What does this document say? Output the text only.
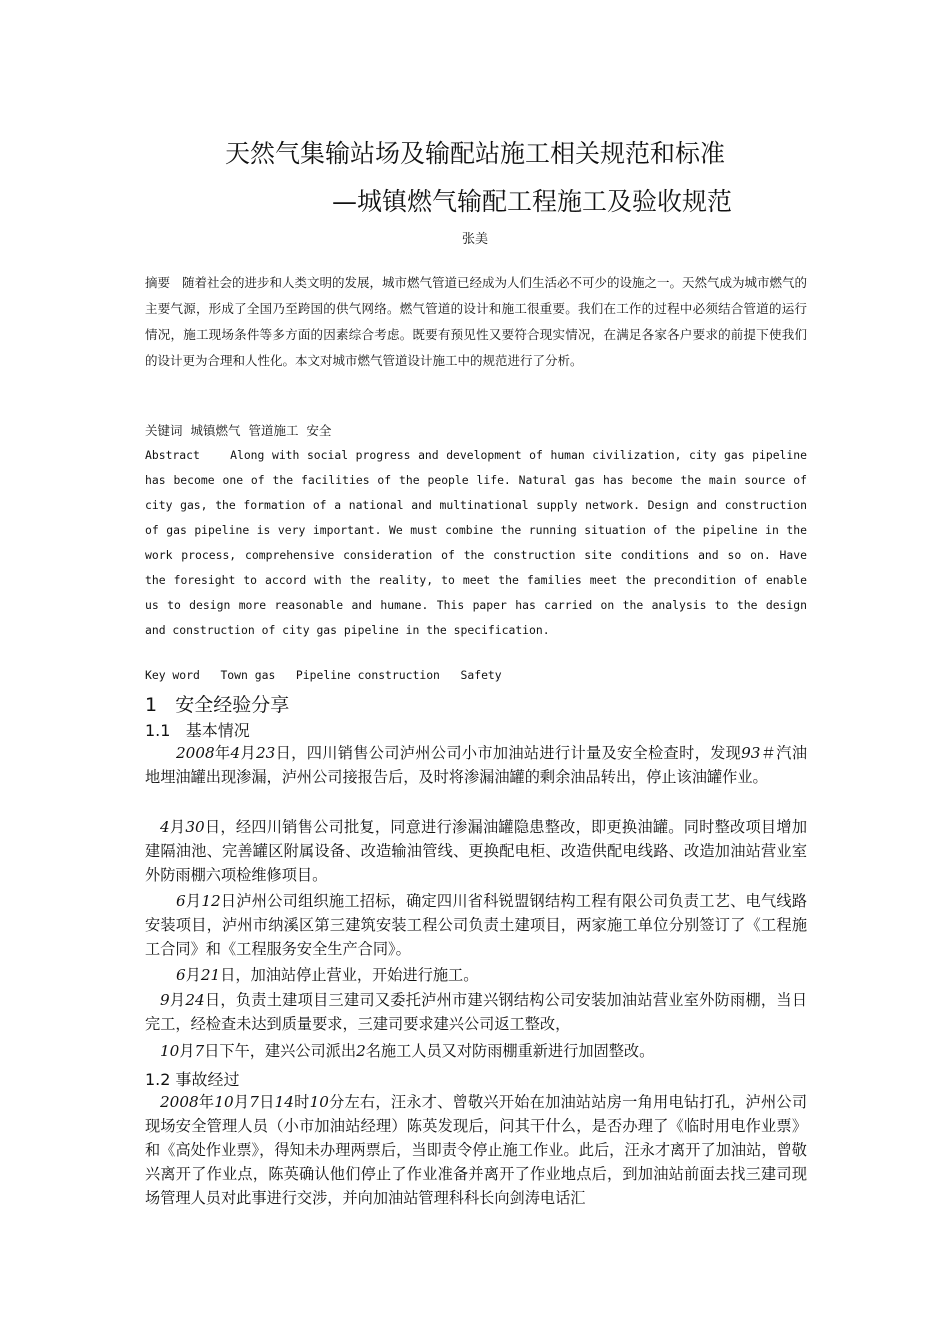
天然气集输站场及输配站施工相关规范和标准
—城镇燃气输配工程施工及验收规范
张美
摘要 随着社会的进步和人类文明的发展，城市燃气管道已经成为人们生活必不可少的设施之一。天然气成为城市燃气的主要气源，形成了全国乃至跨国的供气网络。燃气管道的设计和施工很重要。我们在工作的过程中必须结合管道的运行情况，施工现场条件等多方面的因素综合考虑。既要有预见性又要符合现实情况，在满足各家各户要求的前提下使我们的设计更为合理和人性化。本文对城市燃气管道设计施工中的规范进行了分析。
关键词 城镇燃气 管道施工 安全
Abstract	Along with social progress and development of human civilization, city gas pipeline has become one of the facilities of the people life. Natural gas has become the main source of city gas, the formation of a national and multinational supply network. Design and construction of gas pipeline is very important. We must combine the running situation of the pipeline in the work process, comprehensive consideration of the construction site conditions and so on. Have the foresight to accord with the reality, to meet the families meet the precondition of enable us to design more reasonable and humane. This paper has carried on the analysis to the design and construction of city gas pipeline in the specification.
Key word Town gas Pipeline construction Safety
1 安全经验分享
1.1 基本情况

2008年4月23日，四川销售公司泸州公司小市加油站进行计量及安全检查时，发现93＃汽油地埋油罐出现渗漏，泸州公司接报告后，及时将渗漏油罐的剩余油品转出，停止该油罐作业。

4月30日，经四川销售公司批复，同意进行渗漏油罐隐患整改，即更换油罐。同时整改项目增加建隔油池、完善罐区附属设备、改造输油管线、更换配电柜、改造供配电线路、改造加油站营业室外防雨棚六项检维修项目。

6月12日泸州公司组织施工招标，确定四川省科锐盟钢结构工程有限公司负责工艺、电气线路安装项目，泸州市纳溪区第三建筑安装工程公司负责土建项目，两家施工单位分别签订了《工程施工合同》和《工程服务安全生产合同》。

6月21日，加油站停止营业，开始进行施工。

9月24日，负责土建项目三建司又委托泸州市建兴钢结构公司安装加油站营业室外防雨棚，当日完工，经检查未达到质量要求，三建司要求建兴公司返工整改，

10月7日下午，建兴公司派出2名施工人员又对防雨棚重新进行加固整改。

1.2 事故经过

2008年10月7日14时10分左右，汪永才、曾敬兴开始在加油站站房一角用电钻打孔，泸州公司现场安全管理人员（小市加油站经理）陈英发现后，问其干什么，是否办理了《临时用电作业票》和《高处作业票》，得知未办理两票后，当即责令停止施工作业。此后，汪永才离开了加油站，曾敬兴离开了作业点，陈英确认他们停止了作业准备并离开了作业地点后，到加油站前面去找三建司现场管理人员对此事进行交涉，并向加油站管理科科长向剑涛电话汇
